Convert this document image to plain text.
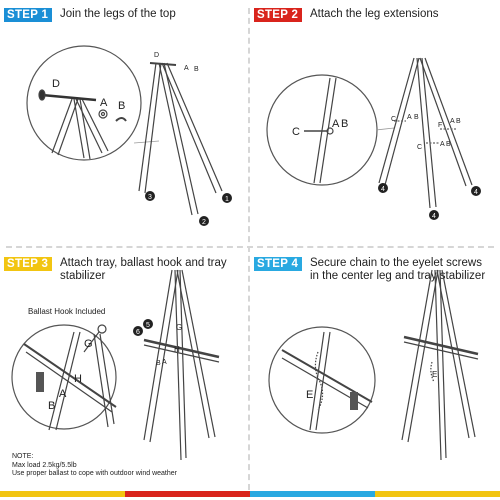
STEP 1	Join the legs of the top
D
A B
D
A B
3
2
1
STEP 2	Attach the leg extensions
C
A B	C A B
F
A B
C	A B
4
4
4
STEP 3	Attach tray, ballast hook and tray stabilizer
Ballast Hook Included
G
H
A
B
G
H
B A
5
6
STEP 4	Secure chain to the eyelet screws in the center leg and tray stabilizer
E
E
NOTE:
Max load 2.5kg/5.5lb
Use proper ballast to cope with outdoor wind weather
